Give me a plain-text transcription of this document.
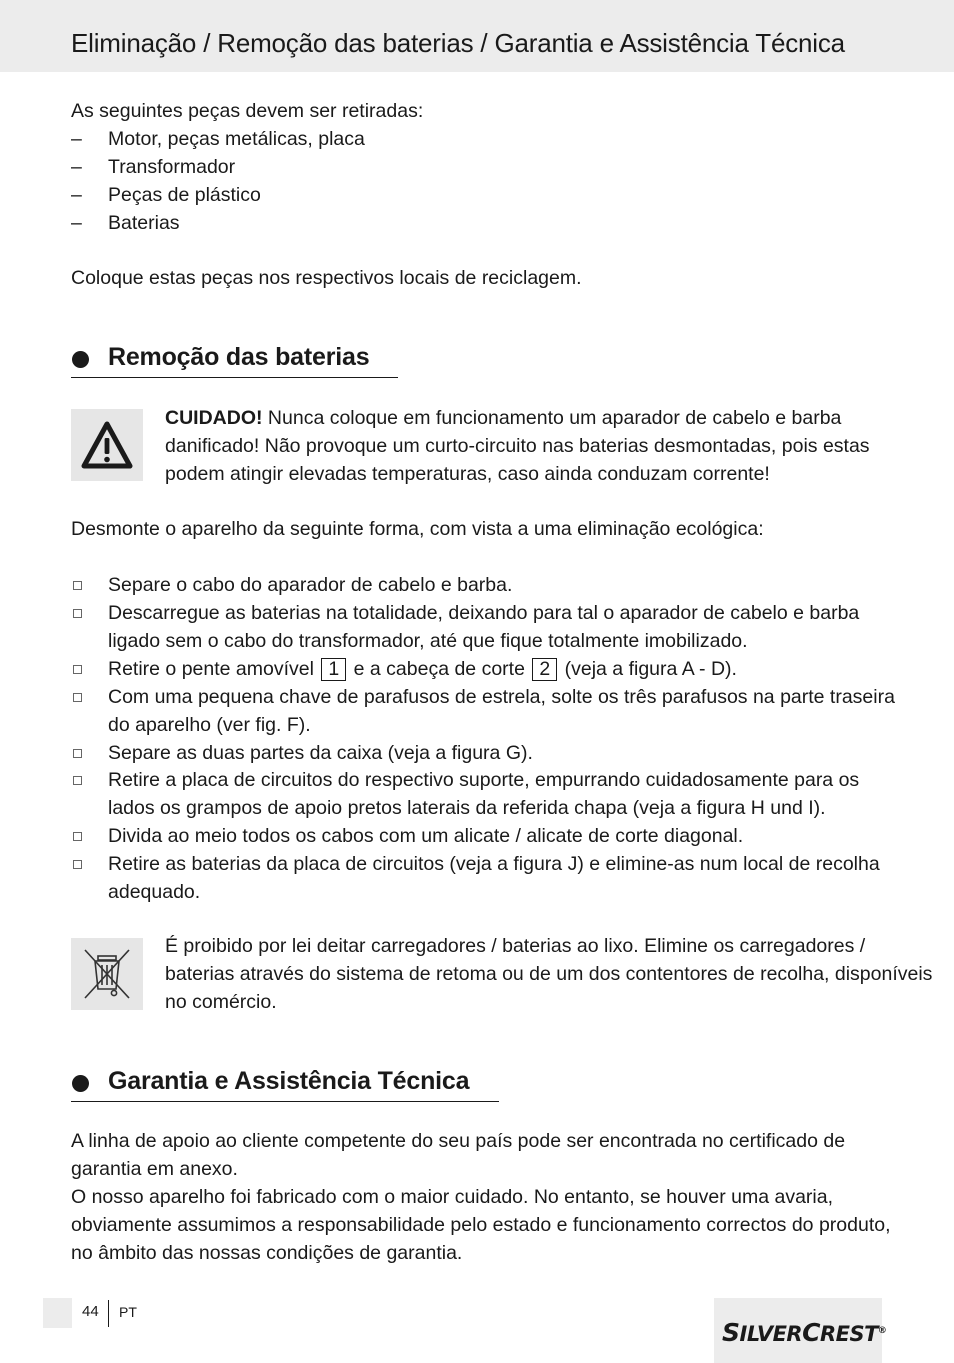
Eliminação / Remoção das baterias / Garantia e Assistência Técnica

As seguintes peças devem ser retiradas:

– Motor, peças metálicas, placa
– Transformador
– Peças de plástico
– Baterias

Coloque estas peças nos respectivos locais de reciclagem.

Remoção das baterias
CUIDADO! Nunca coloque em funcionamento um aparador de cabelo e barba
danificado! Não provoque um curto-circuito nas baterias desmontadas, pois estas
podem atingir elevadas temperaturas, caso ainda conduzam corrente!

Desmonte o aparelho da seguinte forma, com vista a uma eliminação ecológica:

Separe o cabo do aparador de cabelo e barba.
Descarregue as baterias na totalidade, deixando para tal o aparador de cabelo e barba
ligado sem o cabo do transformador, até que fique totalmente imobilizado.
Retire o pente amovível 1 e a cabeça de corte 2 (veja a figura A - D).
Com uma pequena chave de parafusos de estrela, solte os três parafusos na parte traseira
do aparelho (ver fig. F).
Separe as duas partes da caixa (veja a figura G).
Retire a placa de circuitos do respectivo suporte, empurrando cuidadosamente para os
lados os grampos de apoio pretos laterais da referida chapa (veja a figura H und I).
Divida ao meio todos os cabos com um alicate / alicate de corte diagonal.
Retire as baterias da placa de circuitos (veja a figura J) e elimine-as num local de recolha
adequado.
É proibido por lei deitar carregadores / baterias ao lixo. Elimine os carregadores /
baterias através do sistema de retoma ou de um dos contentores de recolha, disponíveis
no comércio.
Garantia e Assistência Técnica
A linha de apoio ao cliente competente do seu país pode ser encontrada no certificado de
garantia em anexo.
O nosso aparelho foi fabricado com o maior cuidado. No entanto, se houver uma avaria,
obviamente assumimos a responsabilidade pelo estado e funcionamento correctos do produto,
no âmbito das nossas condições de garantia.
44 PT
SILVERCREST®
